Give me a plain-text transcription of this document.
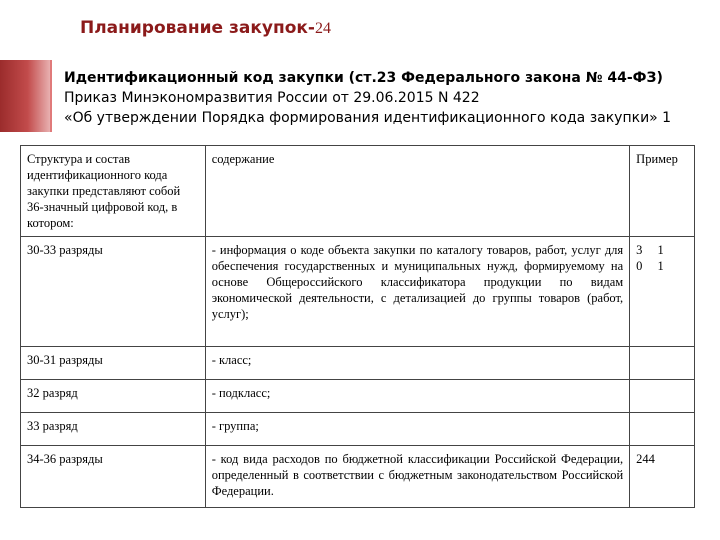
Планирование закупок-24
Идентификационный код закупки (ст.23 Федерального закона № 44-ФЗ)
Приказ Минэкономразвития России от 29.06.2015 N 422
«Об утверждении Порядка формирования идентификационного кода закупки» 1
Структура и состав идентификационного кода закупки представляют собой 36-значный цифровой код, в котором:	содержание	Пример
30-33 разряды	- информация о коде объекта закупки по каталогу товаров, работ, услуг для обеспечения государственных и муниципальных нужд, формируемому на основе Общероссийского классификатора продукции по видам экономической деятельности, с детализацией до группы товаров (работ, услуг);	3 1 0 1
30-31 разряды	- класс;	
32 разряд	- подкласс;	
33 разряд	- группа;	
34-36 разряды	- код вида расходов по бюджетной классификации Российской Федерации, определенный в соответствии с бюджетным законодательством Российской Федерации.	244
